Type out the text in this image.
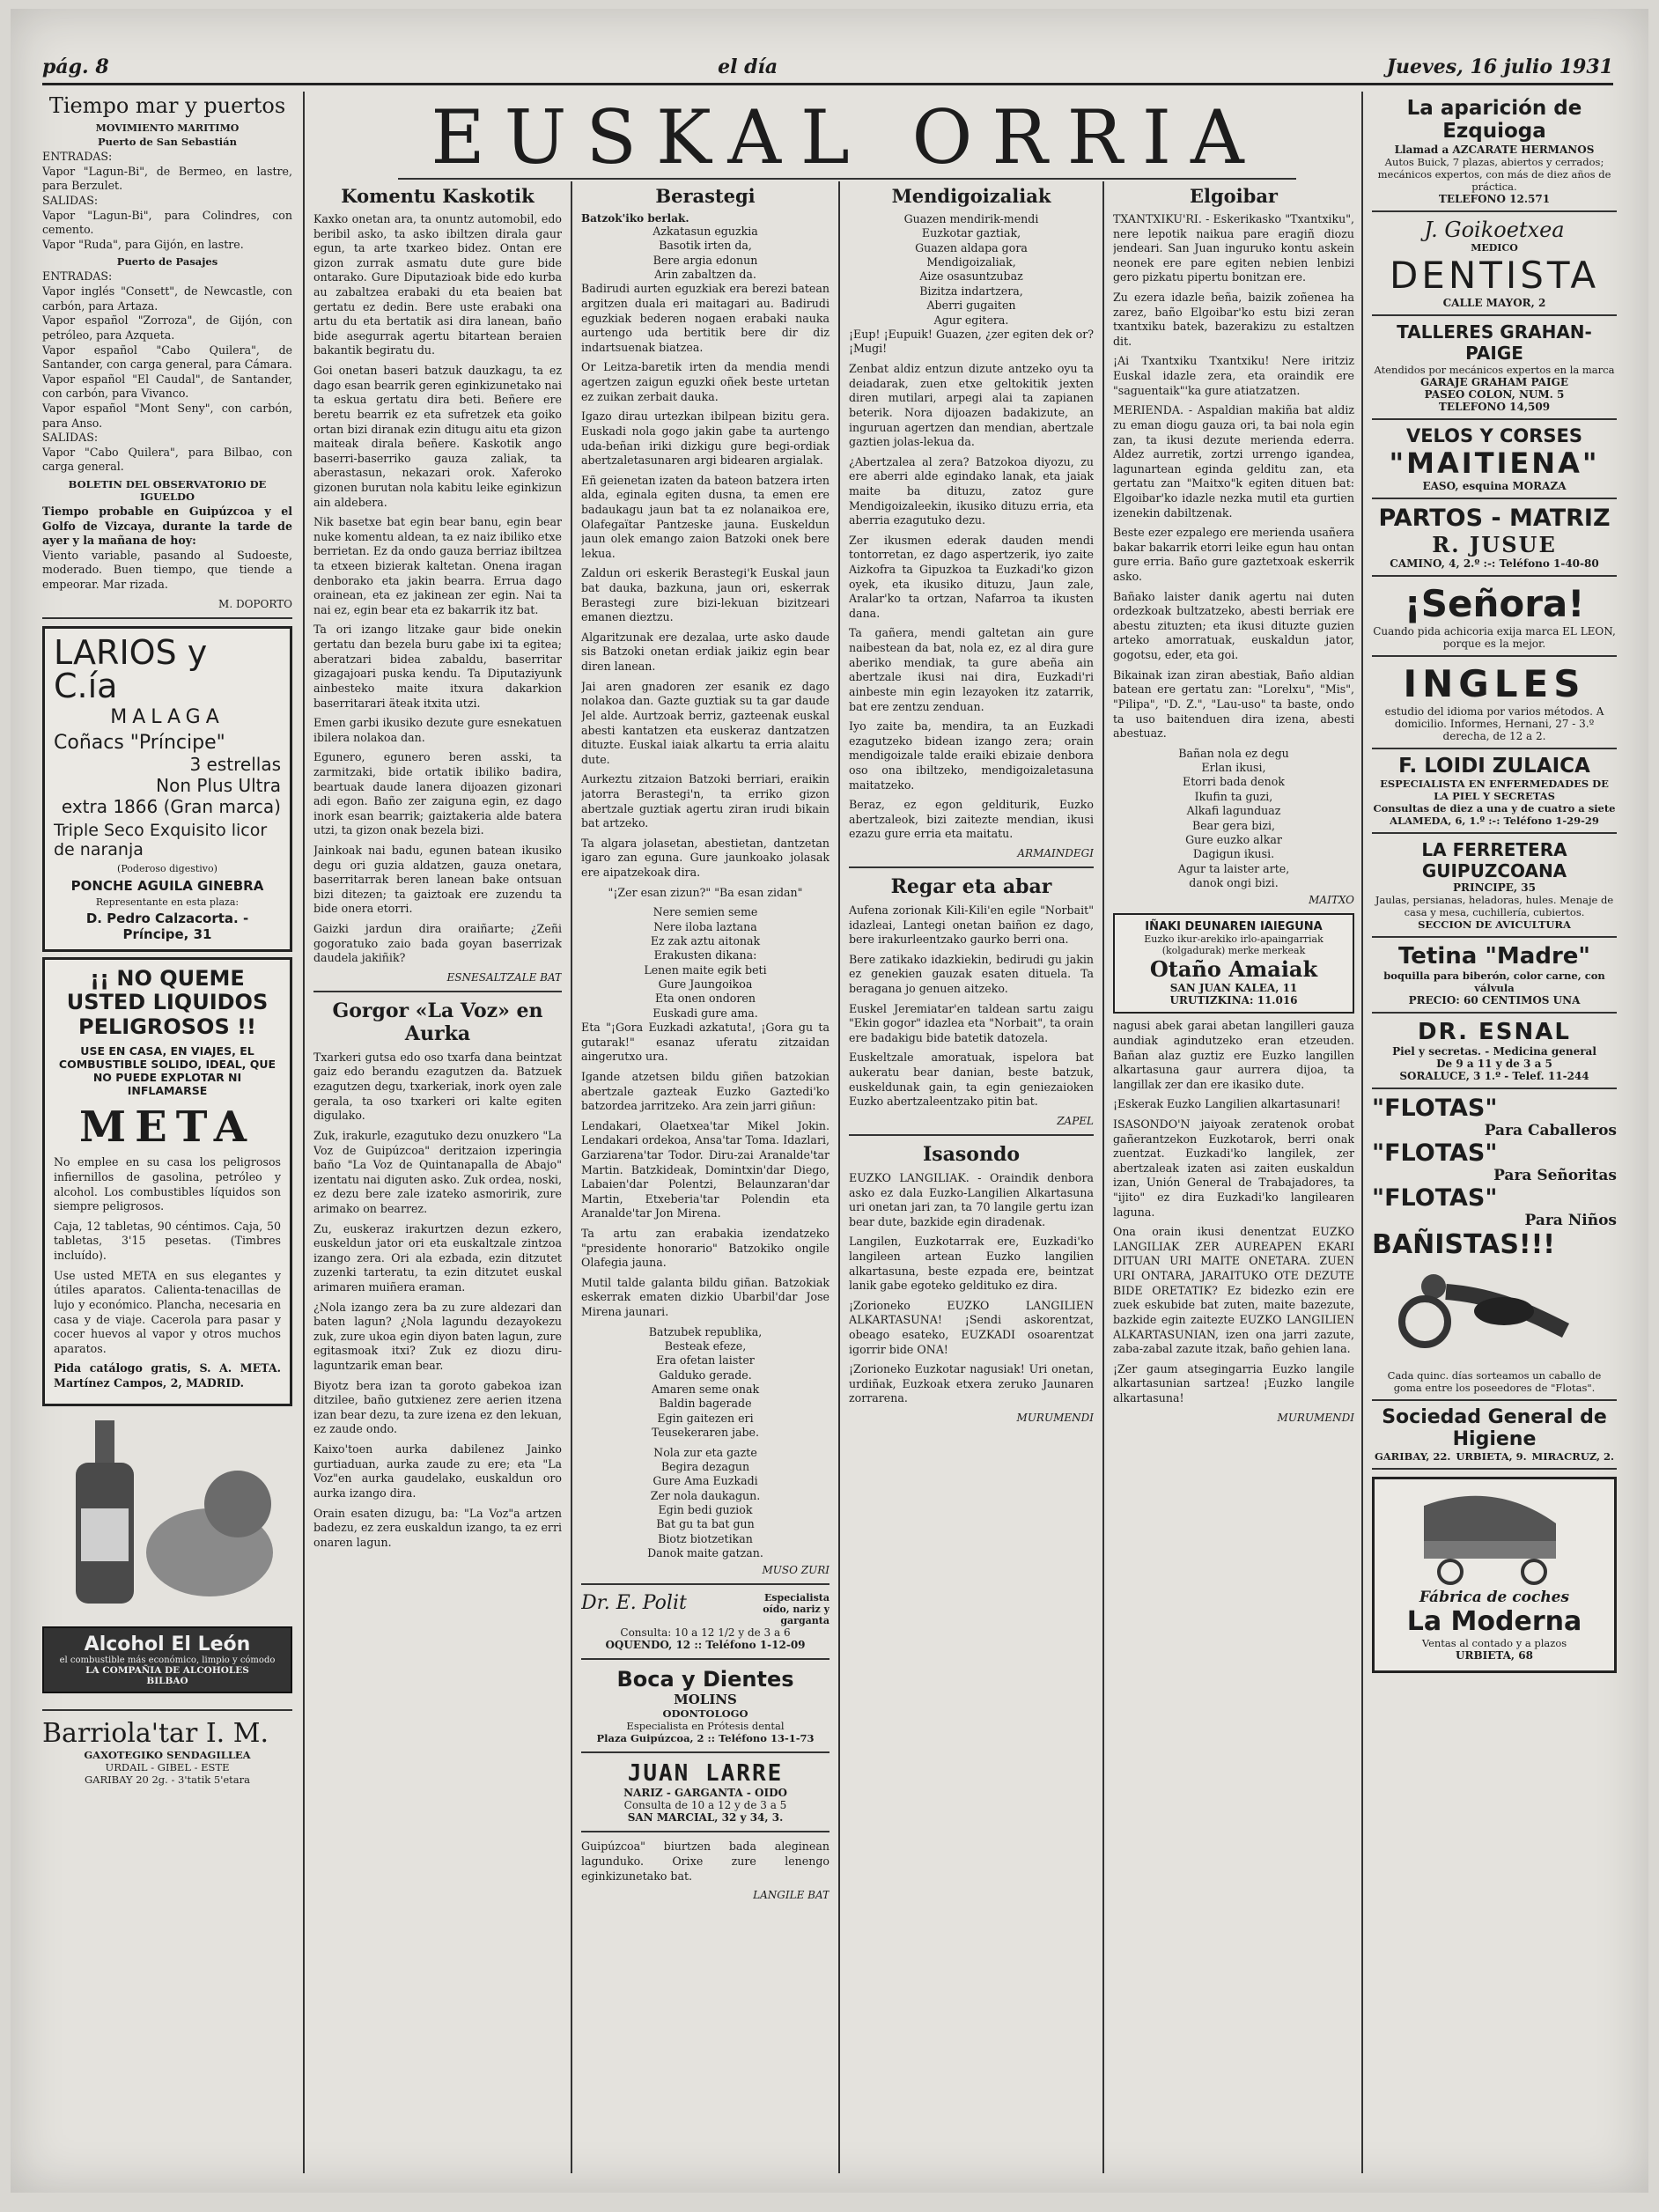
pág. 8	el día	Jueves, 16 julio 1931
EUSKAL ORRIA
Tiempo mar y puertos
MOVIMIENTO MARITIMO
Puerto de San Sebastián

ENTRADAS:

Vapor "Lagun-Bi", de Bermeo, en lastre, para Berzulet.

SALIDAS:

Vapor "Lagun-Bi", para Colindres, con cemento.

Vapor "Ruda", para Gijón, en lastre.

Puerto de Pasajes

ENTRADAS:

Vapor inglés "Consett", de Newcastle, con carbón, para Artaza.

Vapor español "Zorroza", de Gijón, con petróleo, para Azqueta.

Vapor español "Cabo Quilera", de Santander, con carga general, para Cámara.

Vapor español "El Caudal", de Santander, con carbón, para Vivanco.

Vapor español "Mont Seny", con carbón, para Anso.

SALIDAS:

Vapor "Cabo Quilera", para Bilbao, con carga general.

BOLETIN DEL OBSERVATORIO DE IGUELDO

Tiempo probable en Guipúzcoa y el Golfo de Vizcaya, durante la tarde de ayer y la mañana de hoy:

Viento variable, pasando al Sudoeste, moderado. Buen tiempo, que tiende a empeorar. Mar rizada.

M. DOPORTO
LARIOS y C.ía
MALAGA
Coñacs "Príncipe"
3 estrellas
Non Plus Ultra
extra 1866 (Gran marca)
Triple Seco Exquisito licor de naranja
(Poderoso digestivo)
PONCHE AGUILA GINEBRA
Representante en esta plaza:
D. Pedro Calzacorta. - Príncipe, 31
¡¡ NO QUEME USTED LIQUIDOS PELIGROSOS !!
USE EN CASA, EN VIAJES, EL COMBUSTIBLE SOLIDO, IDEAL, QUE NO PUEDE EXPLOTAR NI INFLAMARSE
META

No emplee en su casa los peligrosos infiernillos de gasolina, petróleo y alcohol. Los combustibles líquidos son siempre peligrosos.

Caja, 12 tabletas, 90 céntimos. Caja, 50 tabletas, 3'15 pesetas. (Timbres incluído).

Use usted META en sus elegantes y útiles aparatos. Calienta-tenacillas de lujo y económico. Plancha, necesaria en casa y de viaje. Cacerola para pasar y cocer huevos al vapor y otros muchos aparatos.

Pida catálogo gratis, S. A. META. Martínez Campos, 2, MADRID.

Alcohol El León
el combustible más económico, limpio y cómodo
LA COMPAÑIA DE ALCOHOLES
BILBAO
Barriola'tar I. M.
GAXOTEGIKO SENDAGILLEA
URDAIL - GIBEL - ESTE
GARIBAY 20 2g. - 3'tatik 5'etara
Komentu Kaskotik

Kaxko onetan ara, ta onuntz automobil, edo beribil asko, ta asko ibiltzen dirala gaur egun, ta arte txarkeo bidez. Ontan ere gizon zurrak asmatu dute gure bide ontarako. Gure Diputazioak bide edo kurba au zabaltzea erabaki du eta beaien bat gertatu ez dedin. Bere uste erabaki ona artu du eta bertatik asi dira lanean, baño bide asegurrak agertu bitartean beraien bakantik begiratu du.

Goi onetan baseri batzuk dauzkagu, ta ez dago esan bearrik geren eginkizunetako nai ta eskua gertatu dira beti. Beñere ere beretu bearrik ez eta sufretzek eta goiko ortan bizi diranak ezin ditugu aitu eta gizon maiteak dirala beñere. Kaskotik ango baserri-baserriko gauza zaliak, ta aberastasun, nekazari orok. Xaferoko gizonen burutan nola kabitu leike eginkizun ain aldebera.

Nik basetxe bat egin bear banu, egin bear nuke komentu aldean, ta ez naiz ibiliko etxe berrietan. Ez da ondo gauza berriaz ibiltzea ta etxeen bizierak kaltetan. Onena iragan denborako eta jakin bearra. Errua dago orainean, eta ez jakinean zer egin. Nai ta nai ez, egin bear eta ez bakarrik itz bat.

Ta ori izango litzake gaur bide onekin gertatu dan bezela buru gabe ixi ta egitea; aberatzari bidea zabaldu, baserritar gizagajoari puska kendu. Ta Diputaziyunk ainbesteko maite itxura dakarkion baserritarari äteak itxita utzi.

Emen garbi ikusiko dezute gure esnekatuen ibilera nolakoa dan.

Egunero, egunero beren asski, ta zarmitzaki, bide ortatik ibiliko badira, beartuak daude lanera dijoazen gizonari adi egon. Baño zer zaiguna egin, ez dago inork esan bearrik; gaiztakeria alde batera utzi, ta gizon onak bezela bizi.

Jainkoak nai badu, egunen batean ikusiko degu ori guzia aldatzen, gauza onetara, baserritarrak beren lanean bake ontsuan bizi ditezen; ta gaiztoak ere zuzendu ta bide onera etorri.

Gaizki jardun dira oraiñarte; ¿Zeñi gogoratuko zaio bada goyan baserrizak daudela jakiñik?

ESNESALTZALE BAT
Gorgor «La Voz» en Aurka

Txarkeri gutsa edo oso txarfa dana beintzat gaiz edo berandu ezagutzen da. Batzuek ezagutzen degu, txarkeriak, inork oyen zale gerala, ta oso txarkeri ori kalte egiten digulako.

Zuk, irakurle, ezagutuko dezu onuzkero "La Voz de Guipúzcoa" deritzaion izperingia baño "La Voz de Quintanapalla de Abajo" izentatu nai diguten asko. Zuk ordea, noski, ez dezu bere zale izateko asmoririk, zure arimako on bearrez.

Zu, euskeraz irakurtzen dezun ezkero, euskeldun jator ori eta euskaltzale zintzoa izango zera. Ori ala ezbada, ezin ditzutet zuzenki tarteratu, ta ezin ditzutet euskal arimaren muiñera eraman.

¿Nola izango zera ba zu zure aldezari dan baten lagun? ¿Nola lagundu dezayokezu zuk, zure ukoa egin diyon baten lagun, zure egitasmoak itxi? Zuk ez diozu diru-laguntzarik eman bear.

Biyotz bera izan ta goroto gabekoa izan ditzilee, baño gutxienez zere aerien itzena izan bear dezu, ta zure izena ez den lekuan, ez zaude ondo.

Kaixo'toen aurka dabilenez Jainko gurtiaduan, aurka zaude zu ere; eta "La Voz"en aurka gaudelako, euskaldun oro aurka izango dira.

Orain esaten dizugu, ba: "La Voz"a artzen badezu, ez zera euskaldun izango, ta ez erri onaren lagun.

Berastegi
Batzok'iko berlak.

Azkatasun eguzkia

Basotik irten da,

Bere argia edonun

Arin zabaltzen da.

Badirudi aurten eguzkiak era berezi batean argitzen duala eri maitagari au. Badirudi eguzkiak bederen nogaen erabaki nauka aurtengo uda bertitik bere dir diz indartsuenak biatzea.

Or Leitza-baretik irten da mendia mendi agertzen zaigun eguzki oñek beste urtetan ez zuikan zerbait dauka.

Igazo dirau urtezkan ibilpean bizitu gera. Euskadi nola gogo jakin gabe ta aurtengo uda-beñan iriki dizkigu gure begi-ordiak abertzaletasunaren argi bidearen argialak.

Eñ geienetan izaten da bateon batzera irten alda, eginala egiten dusna, ta emen ere badaukagu jaun bat ta ez nolanaikoa ere, Olafegaïtar Pantzeske jauna. Euskeldun jaun olek emango zaion Batzoki onek bere lekua.

Zaldun ori eskerik Berastegi'k Euskal jaun bat dauka, bazkuna, jaun ori, eskerrak Berastegi zure bizi-lekuan bizitzeari emanen dieztzu.

Algaritzunak ere dezalaa, urte asko daude sis Batzoki onetan erdiak jaikiz egin bear diren lanean.

Jai aren gnadoren zer esanik ez dago nolakoa dan. Gazte guztiak su ta gar daude Jel alde. Aurtzoak berriz, gazteenak euskal abesti kantatzen eta euskeraz dantzatzen dituzte. Euskal iaiak alkartu ta erria alaitu dute.

Aurkeztu zitzaion Batzoki berriari, eraikin jatorra Berastegi'n, ta erriko gizon abertzale guztiak agertu ziran irudi bikain bat artzeko.

Ta algara jolasetan, abestietan, dantzetan igaro zan eguna. Gure jaunkoako jolasak ere aipatzekoak dira.

"¡Zer esan zizun?" "Ba esan zidan"

Nere semien seme

Nere iloba laztana

Ez zak aztu aitonak

Erakusten dikana:

Lenen maite egik beti

Gure Jaungoikoa

Eta onen ondoren

Euskadi gure ama.

Eta "¡Gora Euzkadi azkatuta!, ¡Gora gu ta gutarak!" esanaz uferatu zitzaidan aingerutxo ura.

Igande atzetsen bildu giñen batzokian abertzale gazteak Euzko Gaztedi'ko batzordea jarritzeko. Ara zein jarri giñun:

Lendakari, Olaetxea'tar Mikel Jokin. Lendakari ordekoa, Ansa'tar Toma. Idazlari, Garziarena'tar Todor. Diru-zai Aranalde'tar Martin. Batzkideak, Domintxin'dar Diego, Labaien'dar Polentzi, Belaunzaran'dar Martin, Etxeberia'tar Polendin eta Aranalde'tar Jon Mirena.

Ta artu zan erabakia izendatzeko "presidente honorario" Batzokiko ongile Olafegia jauna.

Mutil talde galanta bildu giñan. Batzokiak eskerrak ematen dizkio Ubarbil'dar Jose Mirena jaunari.

Batzubek republika,

Besteak efeze,

Era ofetan laister

Galduko gerade.

Amaren seme onak

Baldin bagerade

Egin gaitezen eri

Teusekeraren jabe.

Nola zur eta gazte

Begira dezagun

Gure Ama Euzkadi

Zer nola daukagun.

Egin bedi guziok

Bat gu ta bat gun

Biotz biotzetikan

Danok maite gatzan.

MUSO ZURI
Dr. E. Polit	Especialista oído, nariz y garganta
Consulta: 10 a 12 1/2 y de 3 a 6
OQUENDO, 12 :: Teléfono 1-12-09
Boca y Dientes
MOLINS
ODONTOLOGO
Especialista en Prótesis dental
Plaza Guipúzcoa, 2 :: Teléfono 13-1-73
JUAN LARRE
NARIZ - GARGANTA - OIDO
Consulta de 10 a 12 y de 3 a 5
SAN MARCIAL, 32 y 34, 3.

Guipúzcoa" biurtzen bada aleginean lagunduko. Orixe zure lenengo eginkizunetako bat.

LANGILE BAT
Mendigoizaliak

Guazen mendirik-mendi

Euzkotar gaztiak,

Guazen aldapa gora

Mendigoizaliak,

Aize osasuntzubaz

Bizitza indartzera,

Aberri gugaiten

Agur egitera.

¡Eup! ¡Eupuik! Guazen, ¿zer egiten dek or? ¡Mugi!

Zenbat aldiz entzun dizute antzeko oyu ta deiadarak, zuen etxe geltokitik jexten diren mutilari, arpegi alai ta zapianen beterik. Nora dijoazen badakizute, an inguruan agertzen dan mendian, abertzale gaztien jolas-lekua da.

¿Abertzalea al zera? Batzokoa diyozu, zu ere aberri alde egindako lanak, eta jaiak maite ba dituzu, zatoz gure Mendigoizaleekin, ikusiko dituzu erria, eta aberria ezagutuko dezu.

Zer ikusmen ederak dauden mendi tontorretan, ez dago aspertzerik, iyo zaite Aizkofra ta Gipuzkoa ta Euzkadi'ko gizon oyek, eta ikusiko dituzu, Jaun zale, Aralar'ko ta ortzan, Nafarroa ta ikusten dana.

Ta gañera, mendi galtetan ain gure naibestean da bat, nola ez, ez al dira gure aberiko mendiak, ta gure abeña ain abertzale ikusi nai dira, Euzkadi'ri ainbeste min egin lezayoken itz zatarrik, bat ere zentzu zenduan.

Iyo zaite ba, mendira, ta an Euzkadi ezagutzeko bidean izango zera; orain mendigoizale talde eraiki ebizaie denbora oso ona ibiltzeko, mendigoizaletasuna maitatzeko.

Beraz, ez egon gelditurik, Euzko abertzaleok, bizi zaitezte mendian, ikusi ezazu gure erria eta maitatu.

ARMAINDEGI
Regar eta abar

Aufena zorionak Kili-Kili'en egile "Norbait" idazleai, Lantegi onetan baiñon ez dago, bere irakurleentzako gaurko berri ona.

Bere zatikako idazkiekin, bedirudi gu jakin ez genekien gauzak esaten dituela. Ta beragana jo genuen aitzeko.

Euskel Jeremiatar'en taldean sartu zaigu "Ekin gogor" idazlea eta "Norbait", ta orain ere badakigu bide batetik datozela.

Euskeltzale amoratuak, ispelora bat aukeratu bear danian, beste batzuk, euskeldunak gain, ta egin geniezaioken Euzko abertzaleentzako pitin bat.

ZAPEL
Isasondo

EUZKO LANGILIAK. - Oraindik denbora asko ez dala Euzko-Langilien Alkartasuna uri onetan jari zan, ta 70 langile gertu izan bear dute, bazkide egin diradenak.

Langilen, Euzkotarrak ere, Euzkadi'ko langileen artean Euzko langilien alkartasuna, beste ezpada ere, beintzat lanik gabe egoteko geldituko ez dira.

¡Zorioneko EUZKO LANGILIEN ALKARTASUNA! ¡Sendi askorentzat, obeago esateko, EUZKADI osoarentzat igorrir bide ONA!

¡Zorioneko Euzkotar nagusiak! Uri onetan, urdiñak, Euzkoak etxera zeruko Jaunaren zorrarena.

MURUMENDI
Elgoibar

TXANTXIKU'RI. - Eskerikasko "Txantxiku", nere lepotik naikua pare eragiñ diozu jendeari. San Juan inguruko kontu askein neonek ere pare egiten nebien lenbizi gero pizkatu pipertu bonitzan ere.

Zu ezera idazle beña, baizik zoñenea ha zarez, baño Elgoibar'ko estu bizi zeran txantxiku batek, bazerakizu zu estaltzen dit.

¡Ai Txantxiku Txantxiku! Nere iritziz Euskal idazle zera, eta oraindik ere "saguentaik"'ka gure atiatzatzen.

MERIENDA. - Aspaldian makiña bat aldiz zu eman diogu gauza ori, ta bai nola egin zan, ta ikusi dezute merienda ederra. Aldez aurretik, zortzi urrengo igandea, lagunartean eginda gelditu zan, eta gertatu zan "Maitxo"k egiten dituen bat: Elgoibar'ko idazle nezka mutil eta gurtien izenekin dabiltzenak.

Beste ezer ezpalego ere merienda usañera bakar bakarrik etorri leike egun hau ontan gure erria. Baño gure gaztetxoak eskerrik asko.

Bañako laister danik agertu nai duten ordezkoak bultzatzeko, abesti berriak ere abestu zituzten; eta ikusi dituzte guzien arteko amorratuak, euskaldun jator, gogotsu, eder, eta goi.

Bikainak izan ziran abestiak, Baño aldian batean ere gertatu zan: "Lorelxu", "Mis", "Pilipa", "D. Z.", "Lau-uso" ta baste, ondo ta uso baitenduen dira izena, abesti abestuaz.

Bañan nola ez degu

Erlan ikusi,

Etorri bada denok

Ikufin ta guzi,

Alkafi lagunduaz

Bear gera bizi,

Gure euzko alkar

Dagigun ikusi.

Agur ta laister arte,

danok ongi bizi.

MAITXO
IÑAKI DEUNAREN IAIEGUNA
Euzko ikur-arekiko irlo-apaingarriak (kolgadurak) merke merkeak
Otaño Amaiak
SAN JUAN KALEA, 11
URUTIZKINA: 11.016

nagusi abek garai abetan langilleri gauza aundiak agindutzeko eran etzeuden. Bañan alaz guztiz ere Euzko langillen alkartasuna gaur aurrera dijoa, ta langillak zer dan ere ikasiko dute.

¡Eskerak Euzko Langilien alkartasunari!

ISASONDO'N jaiyoak zeratenok orobat gañerantzekon Euzkotarok, berri onak zuentzat. Euzkadi'ko langilek, zer abertzaleak izaten asi zaiten euskaldun izan, Unión General de Trabajadores, ta "ijito" ez dira Euzkadi'ko langilearen laguna.

Ona orain ikusi denentzat EUZKO LANGILIAK ZER AUREAPEN EKARI DITUAN URI MAITE ONETARA. ZUEN URI ONTARA, JARAITUKO OTE DEZUTE BIDE ORETATIK? Ez bidezko ezin ere zuek eskubide bat zuten, maite bazezute, bazkide egin zaitezte EUZKO LANGILIEN ALKARTASUNIAN, izen ona jarri zazute, zaba-zabal zazute itzak, baño gehien lana.

¡Zer gaum atsegingarria Euzko langile alkartasunian sartzea! ¡Euzko langile alkartasuna!

MURUMENDI
La aparición de Ezquioga
Llamad a AZCARATE HERMANOS
Autos Buick, 7 plazas, abiertos y cerrados; mecánicos expertos, con más de diez años de práctica.
TELEFONO 12.571
J. Goikoetxea
MEDICO
DENTISTA
CALLE MAYOR, 2
TALLERES GRAHAN-PAIGE
Atendidos por mecánicos expertos en la marca
GARAJE GRAHAM PAIGE
PASEO COLON, NUM. 5
TELEFONO 14,509
VELOS Y CORSES
"MAITIENA"
EASO, esquina MORAZA
PARTOS - MATRIZ
R. JUSUE
CAMINO, 4, 2.º :-: Teléfono 1-40-80
¡Señora!
Cuando pida achicoria exija marca EL LEON, porque es la mejor.
INGLES
estudio del idioma por varios métodos. A domicilio. Informes, Hernani, 27 - 3.º derecha, de 12 a 2.
F. LOIDI ZULAICA
ESPECIALISTA EN ENFERMEDADES DE LA PIEL Y SECRETAS
Consultas de diez a una y de cuatro a siete
ALAMEDA, 6, 1.º :-: Teléfono 1-29-29
LA FERRETERA GUIPUZCOANA
PRINCIPE, 35
Jaulas, persianas, heladoras, hules. Menaje de casa y mesa, cuchillería, cubiertos.
SECCION DE AVICULTURA
Tetina "Madre"
boquilla para biberón, color carne, con válvula
PRECIO: 60 CENTIMOS UNA
DR. ESNAL
Piel y secretas. - Medicina general
De 9 a 11 y de 3 a 5
SORALUCE, 3 1.º - Telef. 11-244
"FLOTAS"
Para Caballeros
"FLOTAS"
Para Señoritas
"FLOTAS"
Para Niños
BAÑISTAS!!!
Cada quinc. días sorteamos un caballo de goma entre los poseedores de "Flotas".
Sociedad General de Higiene
GARIBAY, 22. URBIETA, 9. MIRACRUZ, 2.
Fábrica de coches
La Moderna
Ventas al contado y a plazos
URBIETA, 68
